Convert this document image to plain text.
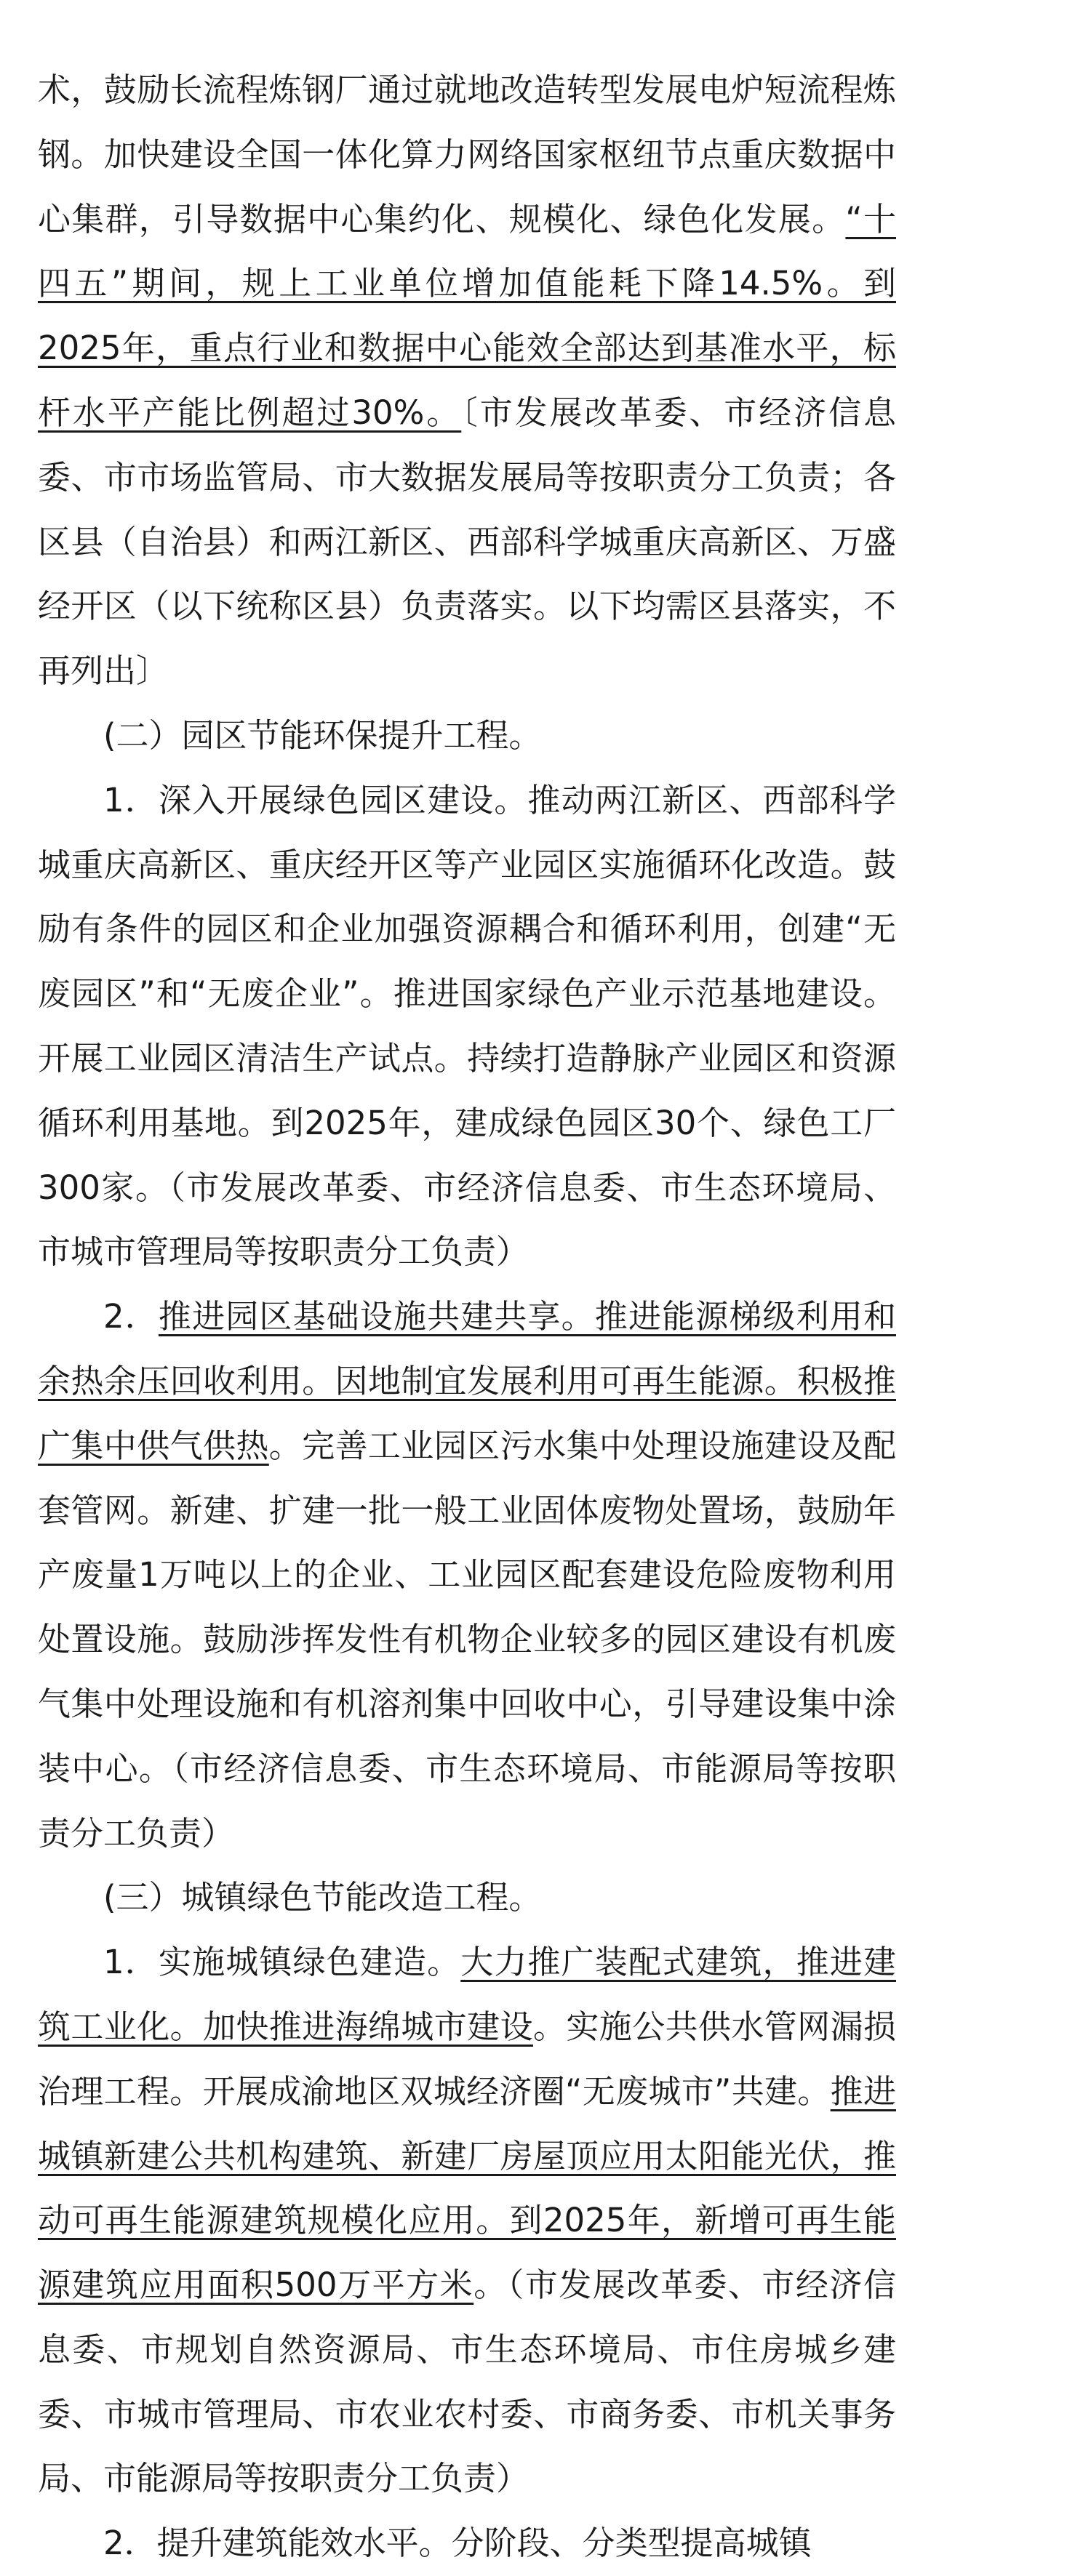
术，鼓励长流程炼钢厂通过就地改造转型发展电炉短流程炼钢。加快建设全国一体化算力网络国家枢纽节点重庆数据中心集群，引导数据中心集约化、规模化、绿色化发展。“十四五”期间，规上工业单位增加值能耗下降14.5%。到2025年，重点行业和数据中心能效全部达到基准水平，标杆水平产能比例超过30%。〔市发展改革委、市经济信息委、市市场监管局、市大数据发展局等按职责分工负责；各区县（自治县）和两江新区、西部科学城重庆高新区、万盛经开区（以下统称区县）负责落实。以下均需区县落实，不再列出〕

(二）园区节能环保提升工程。

1．深入开展绿色园区建设。推动两江新区、西部科学城重庆高新区、重庆经开区等产业园区实施循环化改造。鼓励有条件的园区和企业加强资源耦合和循环利用，创建“无废园区”和“无废企业”。推进国家绿色产业示范基地建设。开展工业园区清洁生产试点。持续打造静脉产业园区和资源循环利用基地。到2025年，建成绿色园区30个、绿色工厂300家。（市发展改革委、市经济信息委、市生态环境局、市城市管理局等按职责分工负责）

2．推进园区基础设施共建共享。推进能源梯级利用和余热余压回收利用。因地制宜发展利用可再生能源。积极推广集中供气供热。完善工业园区污水集中处理设施建设及配套管网。新建、扩建一批一般工业固体废物处置场，鼓励年产废量1万吨以上的企业、工业园区配套建设危险废物利用处置设施。鼓励涉挥发性有机物企业较多的园区建设有机废气集中处理设施和有机溶剂集中回收中心，引导建设集中涂装中心。（市经济信息委、市生态环境局、市能源局等按职责分工负责）

(三）城镇绿色节能改造工程。

1．实施城镇绿色建造。大力推广装配式建筑，推进建筑工业化。加快推进海绵城市建设。实施公共供水管网漏损治理工程。开展成渝地区双城经济圈“无废城市”共建。推进城镇新建公共机构建筑、新建厂房屋顶应用太阳能光伏，推动可再生能源建筑规模化应用。到2025年，新增可再生能源建筑应用面积500万平方米。（市发展改革委、市经济信息委、市规划自然资源局、市生态环境局、市住房城乡建委、市城市管理局、市农业农村委、市商务委、市机关事务局、市能源局等按职责分工负责）

2．提升建筑能效水平。分阶段、分类型提高城镇
